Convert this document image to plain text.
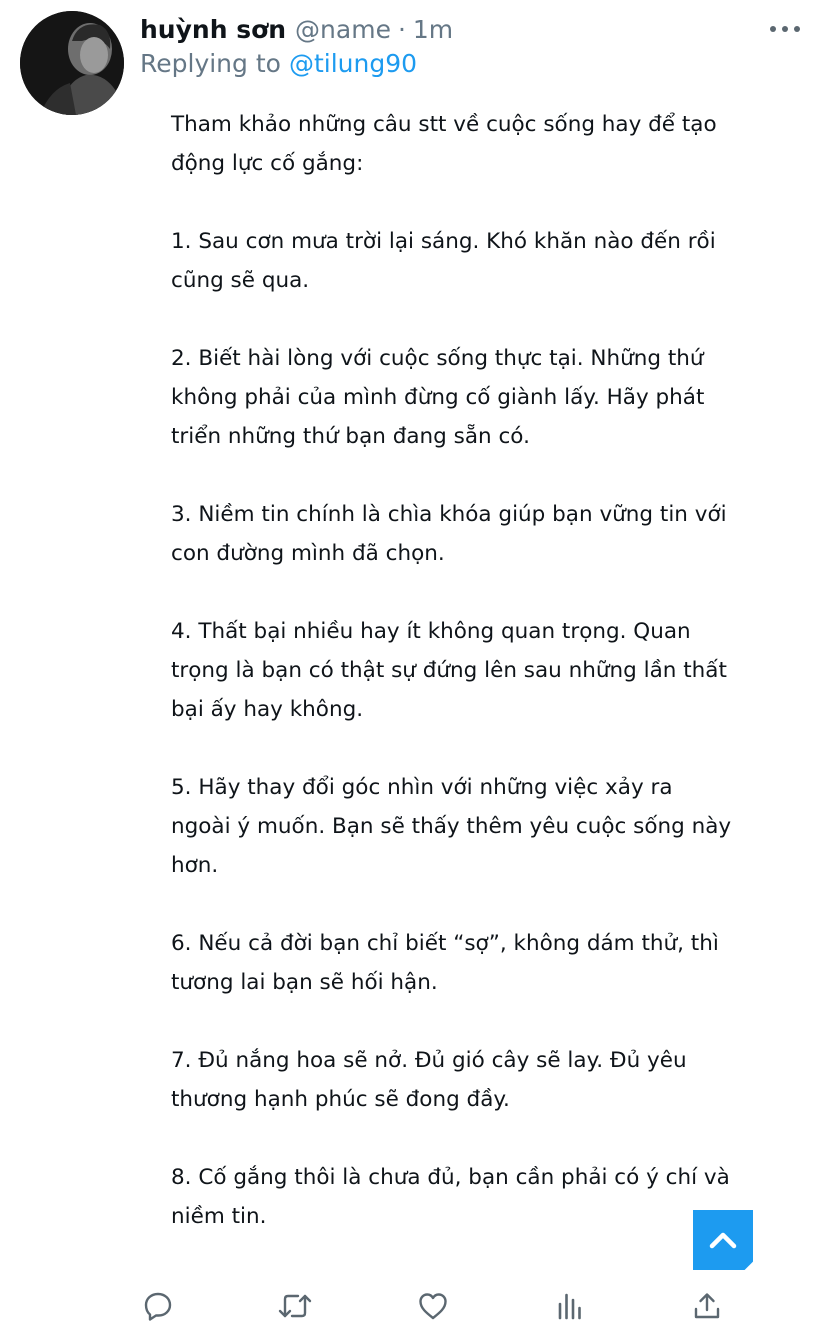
huỳnh sơn @name · 1m
Replying to @tilung90

Tham khảo những câu stt về cuộc sống hay để tạo động lực cố gắng:

1. Sau cơn mưa trời lại sáng. Khó khăn nào đến rồi cũng sẽ qua.

2. Biết hài lòng với cuộc sống thực tại. Những thứ không phải của mình đừng cố giành lấy. Hãy phát triển những thứ bạn đang sẵn có.

3. Niềm tin chính là chìa khóa giúp bạn vững tin với con đường mình đã chọn.

4. Thất bại nhiều hay ít không quan trọng. Quan trọng là bạn có thật sự đứng lên sau những lần thất bại ấy hay không.

5. Hãy thay đổi góc nhìn với những việc xảy ra ngoài ý muốn. Bạn sẽ thấy thêm yêu cuộc sống này hơn.

6. Nếu cả đời bạn chỉ biết “sợ”, không dám thử, thì tương lai bạn sẽ hối hận.

7. Đủ nắng hoa sẽ nở. Đủ gió cây sẽ lay. Đủ yêu thương hạnh phúc sẽ đong đầy.

8. Cố gắng thôi là chưa đủ, bạn cần phải có ý chí và niềm tin.
